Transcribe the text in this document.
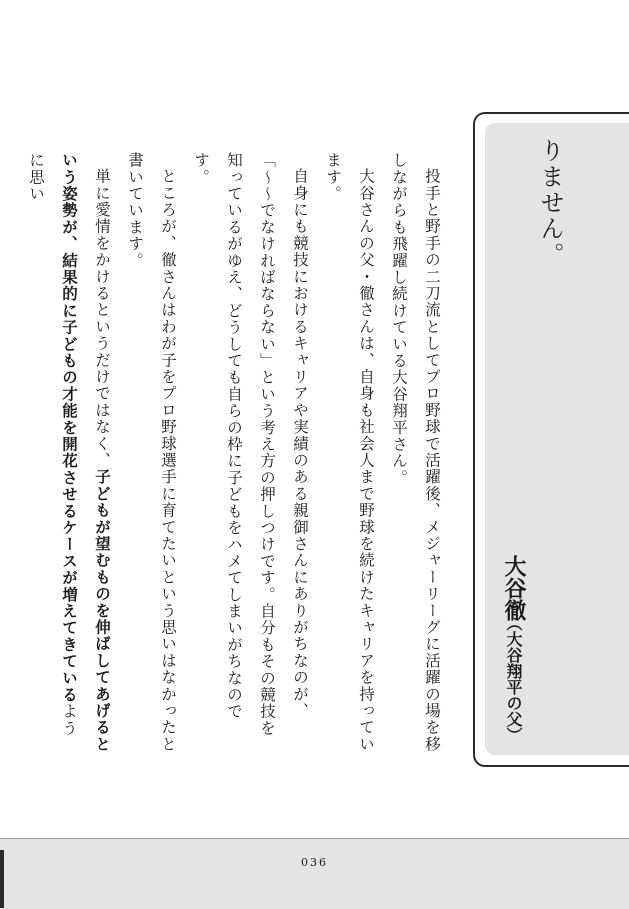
りません。
大谷徹
（大谷翔平の父）

投手と野手の二刀流としてプロ野球で活躍後、メジャーリーグに活躍の場を移しながらも飛躍し続けている大谷翔平さん。

大谷さんの父・徹さんは、自身も社会人まで野球を続けたキャリアを持っています。

自身にも競技におけるキャリアや実績のある親御さんにありがちなのが、「〜〜でなければならない」という考え方の押しつけです。自分もその競技を知っているがゆえ、どうしても自らの枠に子どもをハメてしまいがちなのです。

ところが、徹さんはわが子をプロ野球選手に育てたいという思いはなかったと書いています。

単に愛情をかけるというだけではなく、子どもが望むものを伸ばしてあげるという姿勢が、結果的に子どもの才能を開花させるケースが増えてきているように思い

036
